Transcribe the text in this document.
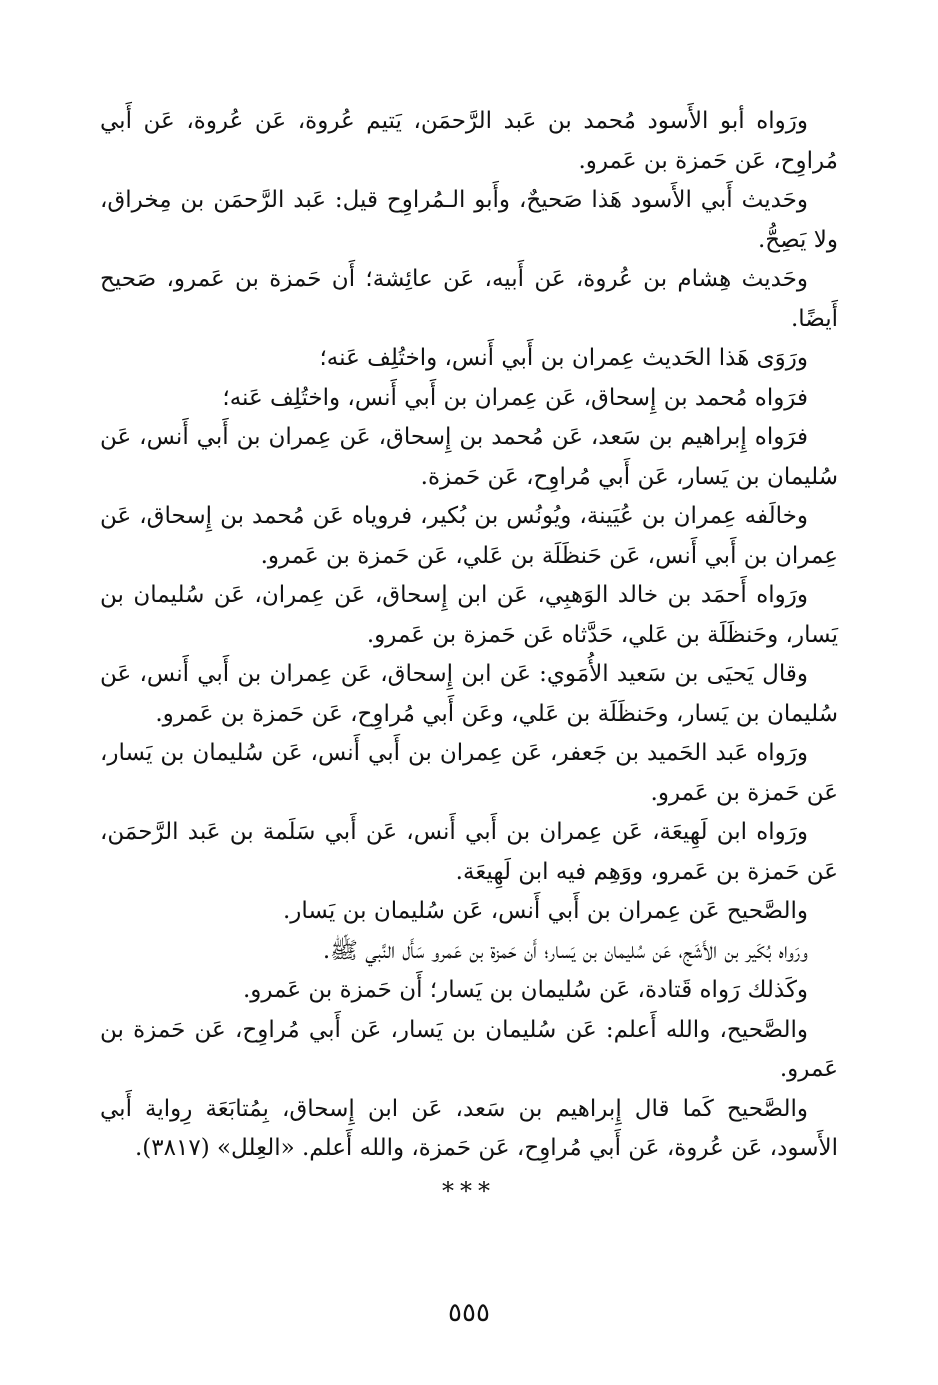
ورَواه أبو الأَسود مُحمد بن عَبد الرَّحمَن، يَتيم عُروة، عَن عُروة، عَن أَبي مُراوِح، عَن حَمزة بن عَمرو.

وحَديث أَبي الأَسود هَذا صَحيحٌ، وأَبو الـمُراوِح قيل: عَبد الرَّحمَن بن مِخراق، ولا يَصِحُّ.

وحَديث هِشام بن عُروة، عَن أَبيه، عَن عائِشة؛ أَن حَمزة بن عَمرو، صَحيح أَيضًا.

ورَوَى هَذا الحَديث عِمران بن أَبي أَنس، واختُلِف عَنه؛

فرَواه مُحمد بن إِسحاق، عَن عِمران بن أَبي أَنس، واختُلِف عَنه؛

فرَواه إِبراهيم بن سَعد، عَن مُحمد بن إِسحاق، عَن عِمران بن أَبي أَنس، عَن سُليمان بن يَسار، عَن أَبي مُراوِح، عَن حَمزة.

وخالَفه عِمران بن عُيَينة، ويُونُس بن بُكير، فروياه عَن مُحمد بن إِسحاق، عَن عِمران بن أَبي أَنس، عَن حَنظَلَة بن عَلي، عَن حَمزة بن عَمرو.

ورَواه أَحمَد بن خالد الوَهبِي، عَن ابن إِسحاق، عَن عِمران، عَن سُليمان بن يَسار، وحَنظَلَة بن عَلي، حَدَّثاه عَن حَمزة بن عَمرو.

وقال يَحيَى بن سَعيد الأُمَوي: عَن ابن إِسحاق، عَن عِمران بن أَبي أَنس، عَن سُليمان بن يَسار، وحَنظَلَة بن عَلي، وعَن أَبي مُراوِح، عَن حَمزة بن عَمرو.

ورَواه عَبد الحَميد بن جَعفر، عَن عِمران بن أَبي أَنس، عَن سُليمان بن يَسار، عَن حَمزة بن عَمرو.

ورَواه ابن لَهِيعَة، عَن عِمران بن أَبي أَنس، عَن أَبي سَلَمة بن عَبد الرَّحمَن، عَن حَمزة بن عَمرو، ووَهِم فيه ابن لَهِيعَة.

والصَّحيح عَن عِمران بن أَبي أَنس، عَن سُليمان بن يَسار.

ورَواه بُكَير بن الأَشَج، عَن سُليمان بن يَسار؛ أَن حَمزة بن عَمرو سَأَل النَّبي ﷺ.

وكَذلك رَواه قَتادة، عَن سُليمان بن يَسار؛ أَن حَمزة بن عَمرو.

والصَّحيح، والله أَعلم: عَن سُليمان بن يَسار، عَن أَبي مُراوِح، عَن حَمزة بن عَمرو.

والصَّحيح كَما قال إِبراهيم بن سَعد، عَن ابن إِسحاق، بِمُتابَعَة رِواية أَبي الأَسود، عَن عُروة، عَن أَبي مُراوِح، عَن حَمزة، والله أَعلم. «العِلل» (٣٨١٧).

***
٥٥٥
